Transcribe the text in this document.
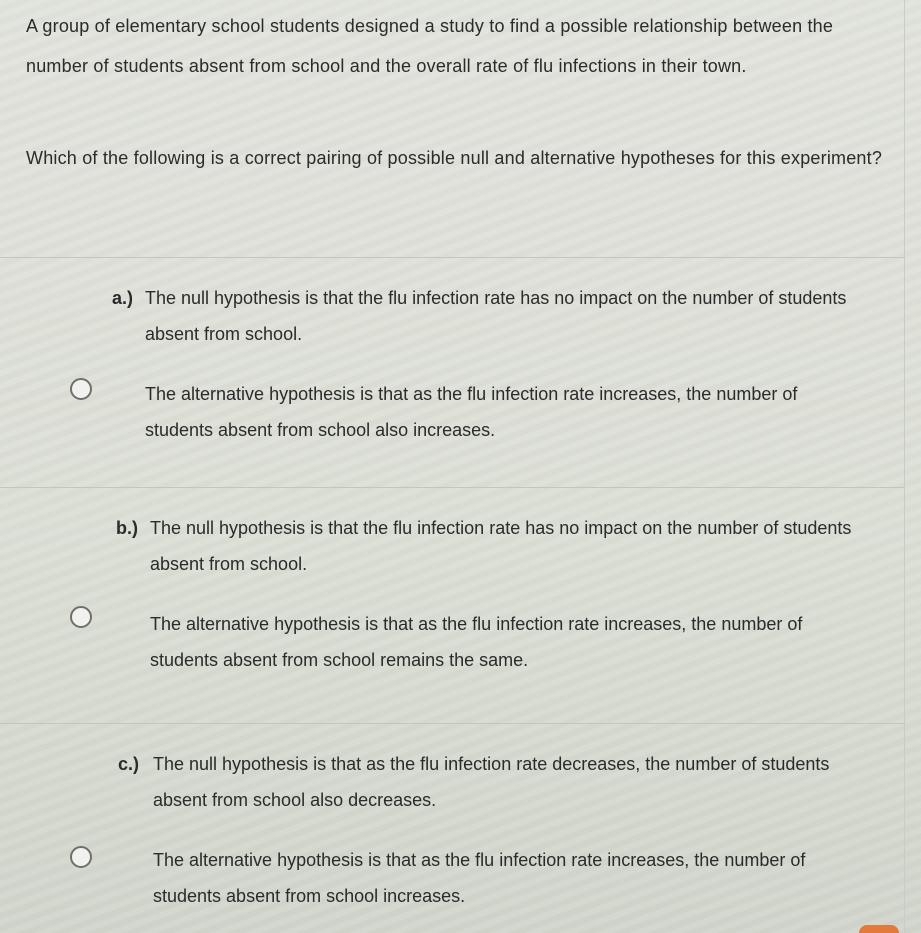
A group of elementary school students designed a study to find a possible relationship between the number of students absent from school and the overall rate of flu infections in their town.

Which of the following is a correct pairing of possible null and alternative hypotheses for this experiment?

a.) The null hypothesis is that the flu infection rate has no impact on the number of students absent from school.

The alternative hypothesis is that as the flu infection rate increases, the number of students absent from school also increases.

b.) The null hypothesis is that the flu infection rate has no impact on the number of students absent from school.

The alternative hypothesis is that as the flu infection rate increases, the number of students absent from school remains the same.

c.) The null hypothesis is that as the flu infection rate decreases, the number of students absent from school also decreases.

The alternative hypothesis is that as the flu infection rate increases, the number of students absent from school increases.
